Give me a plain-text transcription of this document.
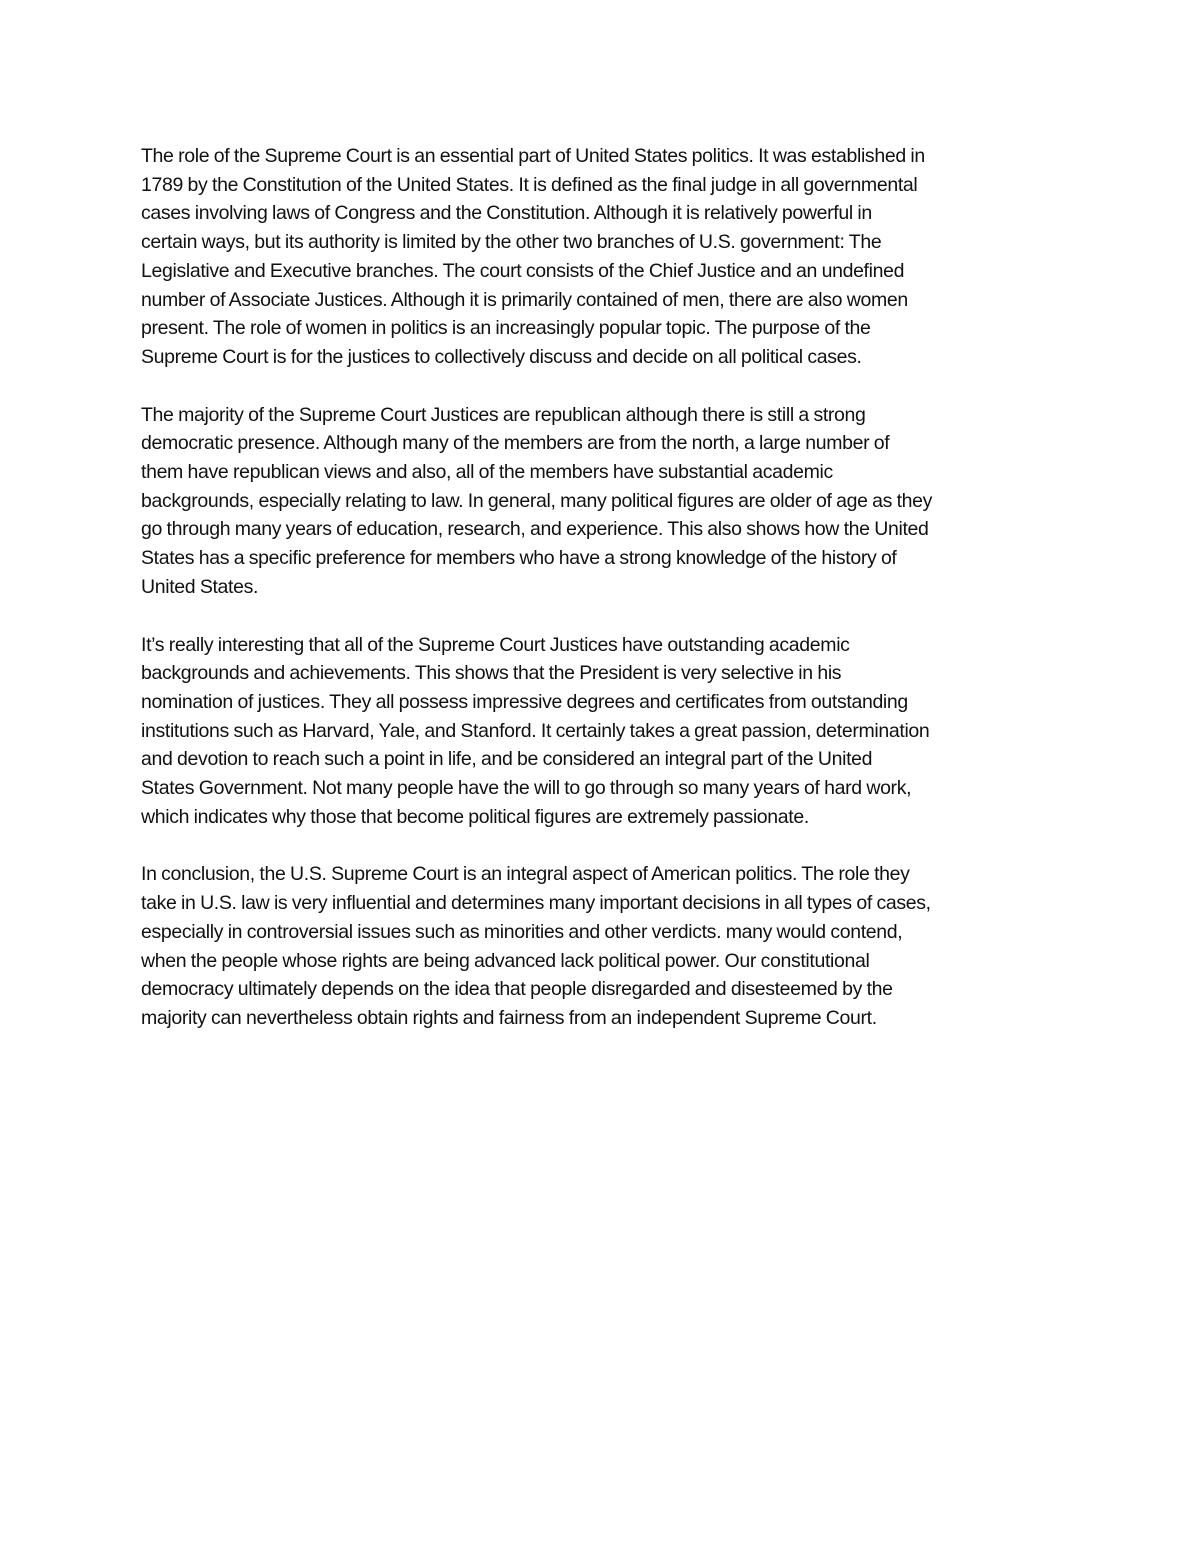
The role of the Supreme Court is an essential part of United States politics. It was established in
1789 by the Constitution of the United States. It is defined as the final judge in all governmental
cases involving laws of Congress and the Constitution. Although it is relatively powerful in
certain ways, but its authority is limited by the other two branches of U.S. government: The
Legislative and Executive branches. The court consists of the Chief Justice and an undefined
number of Associate Justices. Although it is primarily contained of men, there are also women
present. The role of women in politics is an increasingly popular topic. The purpose of the
Supreme Court is for the justices to collectively discuss and decide on all political cases.

The majority of the Supreme Court Justices are republican although there is still a strong
democratic presence. Although many of the members are from the north, a large number of
them have republican views and also, all of the members have substantial academic
backgrounds, especially relating to law. In general, many political figures are older of age as they
go through many years of education, research, and experience. This also shows how the United
States has a specific preference for members who have a strong knowledge of the history of
United States.

It’s really interesting that all of the Supreme Court Justices have outstanding academic
backgrounds and achievements. This shows that the President is very selective in his
nomination of justices. They all possess impressive degrees and certificates from outstanding
institutions such as Harvard, Yale, and Stanford. It certainly takes a great passion, determination
and devotion to reach such a point in life, and be considered an integral part of the United
States Government. Not many people have the will to go through so many years of hard work,
which indicates why those that become political figures are extremely passionate.

In conclusion, the U.S. Supreme Court is an integral aspect of American politics. The role they
take in U.S. law is very influential and determines many important decisions in all types of cases,
especially in controversial issues such as minorities and other verdicts. many would contend,
when the people whose rights are being advanced lack political power. Our constitutional
democracy ultimately depends on the idea that people disregarded and disesteemed by the
majority can nevertheless obtain rights and fairness from an independent Supreme Court.
